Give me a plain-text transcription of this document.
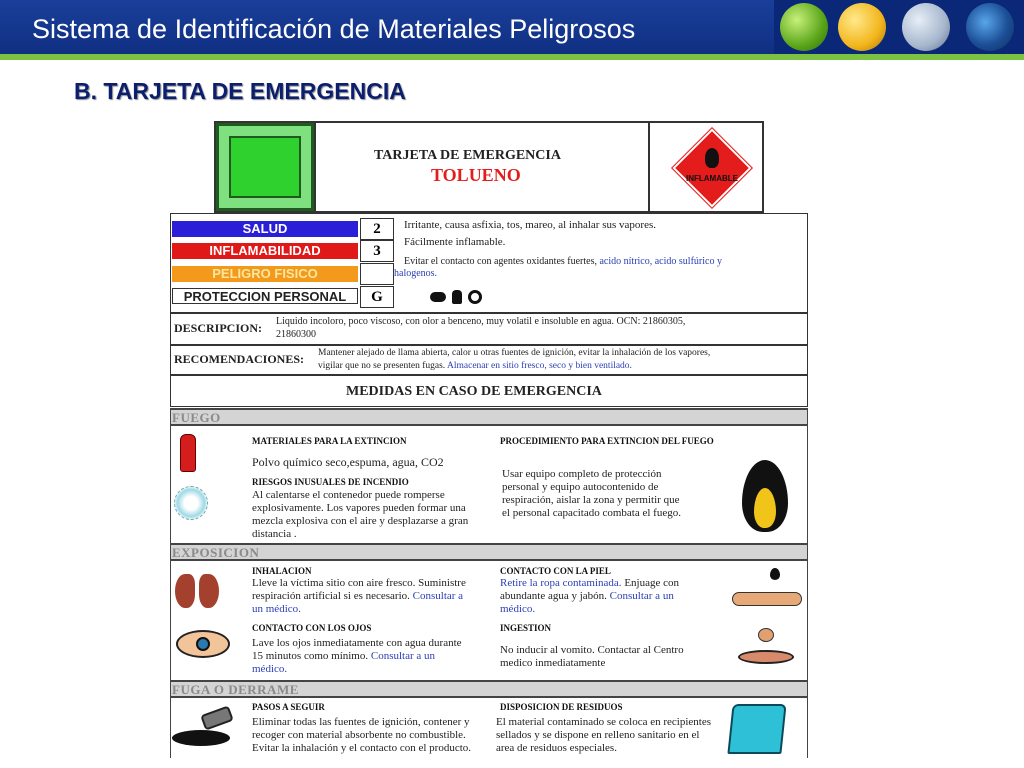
Sistema de Identificación de Materiales Peligrosos
B. TARJETA DE EMERGENCIA
TARJETA DE EMERGENCIA
TOLUENO	INFLAMABLE
SALUD
INFLAMABILIDAD
PELIGRO FISICO
PROTECCION PERSONAL
2
3
G
Irritante, causa asfixia, tos, mareo, al inhalar sus vapores.
Fácilmente inflamable.
Evitar el contacto con agentes oxidantes fuertes, acido nítrico, acido sulfúrico y
halogenos.
DESCRIPCION: Liquido incoloro, poco viscoso, con olor a benceno, muy volatil e insoluble en agua. OCN: 21860305,
21860300
RECOMENDACIONES: Mantener alejado de llama abierta, calor u otras fuentes de ignición, evitar la inhalación de los vapores,
vigilar que no se presenten fugas. Almacenar en sitio fresco, seco y bien ventilado.
MEDIDAS EN CASO DE EMERGENCIA
FUEGO
MATERIALES PARA LA EXTINCION
Polvo químico seco,espuma, agua, CO2
RIESGOS INUSUALES DE INCENDIO
Al calentarse el contenedor puede romperse
explosivamente. Los vapores pueden formar una
mezcla explosiva con el aire y desplazarse a gran
distancia .
PROCEDIMIENTO PARA EXTINCION DEL FUEGO
Usar equipo completo de protección
personal y equipo autocontenido de
respiración, aislar la zona y permitir que
el personal capacitado combata el fuego.
EXPOSICION
INHALACION
Lleve la víctima sitio con aire fresco. Suministre
respiración artificial si es necesario. Consultar a
un médico.
CONTACTO CON LOS OJOS
Lave los ojos inmediatamente con agua durante
15 minutos como mínimo. Consultar a un
médico.
CONTACTO CON LA PIEL
Retire la ropa contaminada. Enjuage con
abundante agua y jabón. Consultar a un
médico.
INGESTION
No inducir al vomito. Contactar al Centro
medico inmediatamente
FUGA O DERRAME
PASOS A SEGUIR
Eliminar todas las fuentes de ignición, contener y
recoger con material absorbente no combustible.
Evitar la inhalación y el contacto con el producto.
DISPOSICION DE RESIDUOS
El material contaminado se coloca en recipientes
sellados y se dispone en relleno sanitario en el
area de residuos especiales.
